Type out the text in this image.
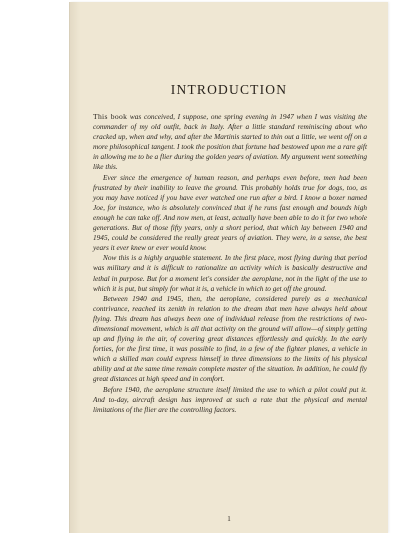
INTRODUCTION

This book was conceived, I suppose, one spring evening in 1947 when I was visiting the commander of my old outfit, back in Italy. After a little standard reminiscing about who cracked up, when and why, and after the Martinis started to thin out a little, we went off on a more philosophical tangent. I took the position that fortune had bestowed upon me a rare gift in allowing me to be a flier during the golden years of aviation. My argument went something like this.

Ever since the emergence of human reason, and perhaps even before, men had been frustrated by their inability to leave the ground. This probably holds true for dogs, too, as you may have noticed if you have ever watched one run after a bird. I know a boxer named Joe, for instance, who is absolutely convinced that if he runs fast enough and bounds high enough he can take off. And now men, at least, actually have been able to do it for two whole generations. But of those fifty years, only a short period, that which lay between 1940 and 1945, could be considered the really great years of aviation. They were, in a sense, the best years it ever knew or ever would know.

Now this is a highly arguable statement. In the first place, most flying during that period was military and it is difficult to rationalize an activity which is basically destructive and lethal in purpose. But for a moment let's consider the aeroplane, not in the light of the use to which it is put, but simply for what it is, a vehicle in which to get off the ground.

Between 1940 and 1945, then, the aeroplane, considered purely as a mechanical contrivance, reached its zenith in relation to the dream that men have always held about flying. This dream has always been one of individual release from the restrictions of two-dimensional movement, which is all that activity on the ground will allow—of simply getting up and flying in the air, of covering great distances effortlessly and quickly. In the early forties, for the first time, it was possible to find, in a few of the fighter planes, a vehicle in which a skilled man could express himself in three dimensions to the limits of his physical ability and at the same time remain complete master of the situation. In addition, he could fly great distances at high speed and in comfort.

Before 1940, the aeroplane structure itself limited the use to which a pilot could put it. And to-day, aircraft design has improved at such a rate that the physical and mental limitations of the flier are the controlling factors.

1
